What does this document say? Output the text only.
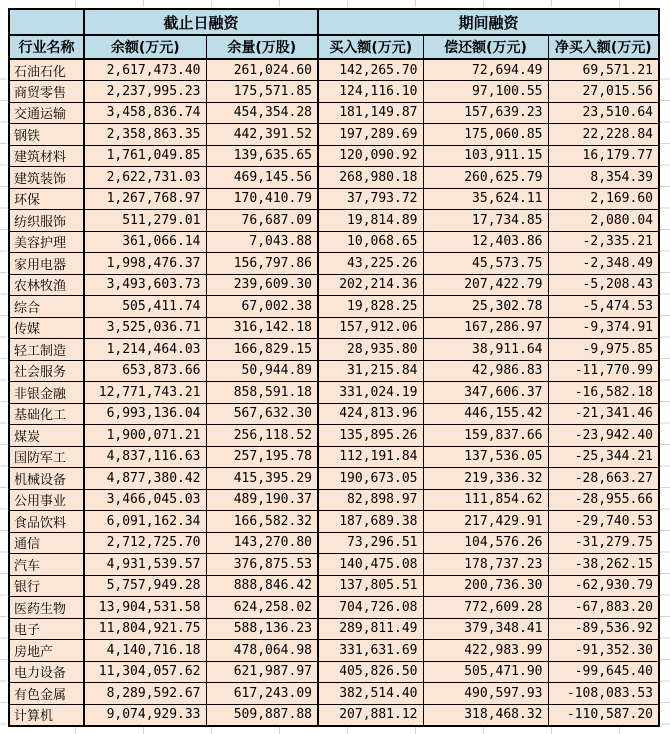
	截止日融资		期间融资		
行业名称	余额(万元)	余量(万股)	买入额(万元)	偿还额(万元)	净买入额(万元)
石油石化	2,617,473.40	261,024.60	142,265.70	72,694.49	69,571.21
商贸零售	2,237,995.23	175,571.85	124,116.10	97,100.55	27,015.56
交通运输	3,458,836.74	454,354.28	181,149.87	157,639.23	23,510.64
钢铁	2,358,863.35	442,391.52	197,289.69	175,060.85	22,228.84
建筑材料	1,761,049.85	139,635.65	120,090.92	103,911.15	16,179.77
建筑装饰	2,622,731.03	469,145.56	268,980.18	260,625.79	8,354.39
环保	1,267,768.97	170,410.79	37,793.72	35,624.11	2,169.60
纺织服饰	511,279.01	76,687.09	19,814.89	17,734.85	2,080.04
美容护理	361,066.14	7,043.88	10,068.65	12,403.86	-2,335.21
家用电器	1,998,476.37	156,797.86	43,225.26	45,573.75	-2,348.49
农林牧渔	3,493,603.73	239,609.30	202,214.36	207,422.79	-5,208.43
综合	505,411.74	67,002.38	19,828.25	25,302.78	-5,474.53
传媒	3,525,036.71	316,142.18	157,912.06	167,286.97	-9,374.91
轻工制造	1,214,464.03	166,829.15	28,935.80	38,911.64	-9,975.85
社会服务	653,873.66	50,944.89	31,215.84	42,986.83	-11,770.99
非银金融	12,771,743.21	858,591.18	331,024.19	347,606.37	-16,582.18
基础化工	6,993,136.04	567,632.30	424,813.96	446,155.42	-21,341.46
煤炭	1,900,071.21	256,118.52	135,895.26	159,837.66	-23,942.40
国防军工	4,837,116.63	257,195.78	112,191.84	137,536.05	-25,344.21
机械设备	4,877,380.42	415,395.29	190,673.05	219,336.32	-28,663.27
公用事业	3,466,045.03	489,190.37	82,898.97	111,854.62	-28,955.66
食品饮料	6,091,162.34	166,582.32	187,689.38	217,429.91	-29,740.53
通信	2,712,725.70	143,270.80	73,296.51	104,576.26	-31,279.75
汽车	4,931,539.57	376,875.53	140,475.08	178,737.23	-38,262.15
银行	5,757,949.28	888,846.42	137,805.51	200,736.30	-62,930.79
医药生物	13,904,531.58	624,258.02	704,726.08	772,609.28	-67,883.20
电子	11,804,921.75	588,136.23	289,811.49	379,348.41	-89,536.92
房地产	4,140,716.18	478,064.98	331,631.69	422,983.99	-91,352.30
电力设备	11,304,057.62	621,987.97	405,826.50	505,471.90	-99,645.40
有色金属	8,289,592.67	617,243.09	382,514.40	490,597.93	-108,083.53
计算机	9,074,929.33	509,887.88	207,881.12	318,468.32	-110,587.20
